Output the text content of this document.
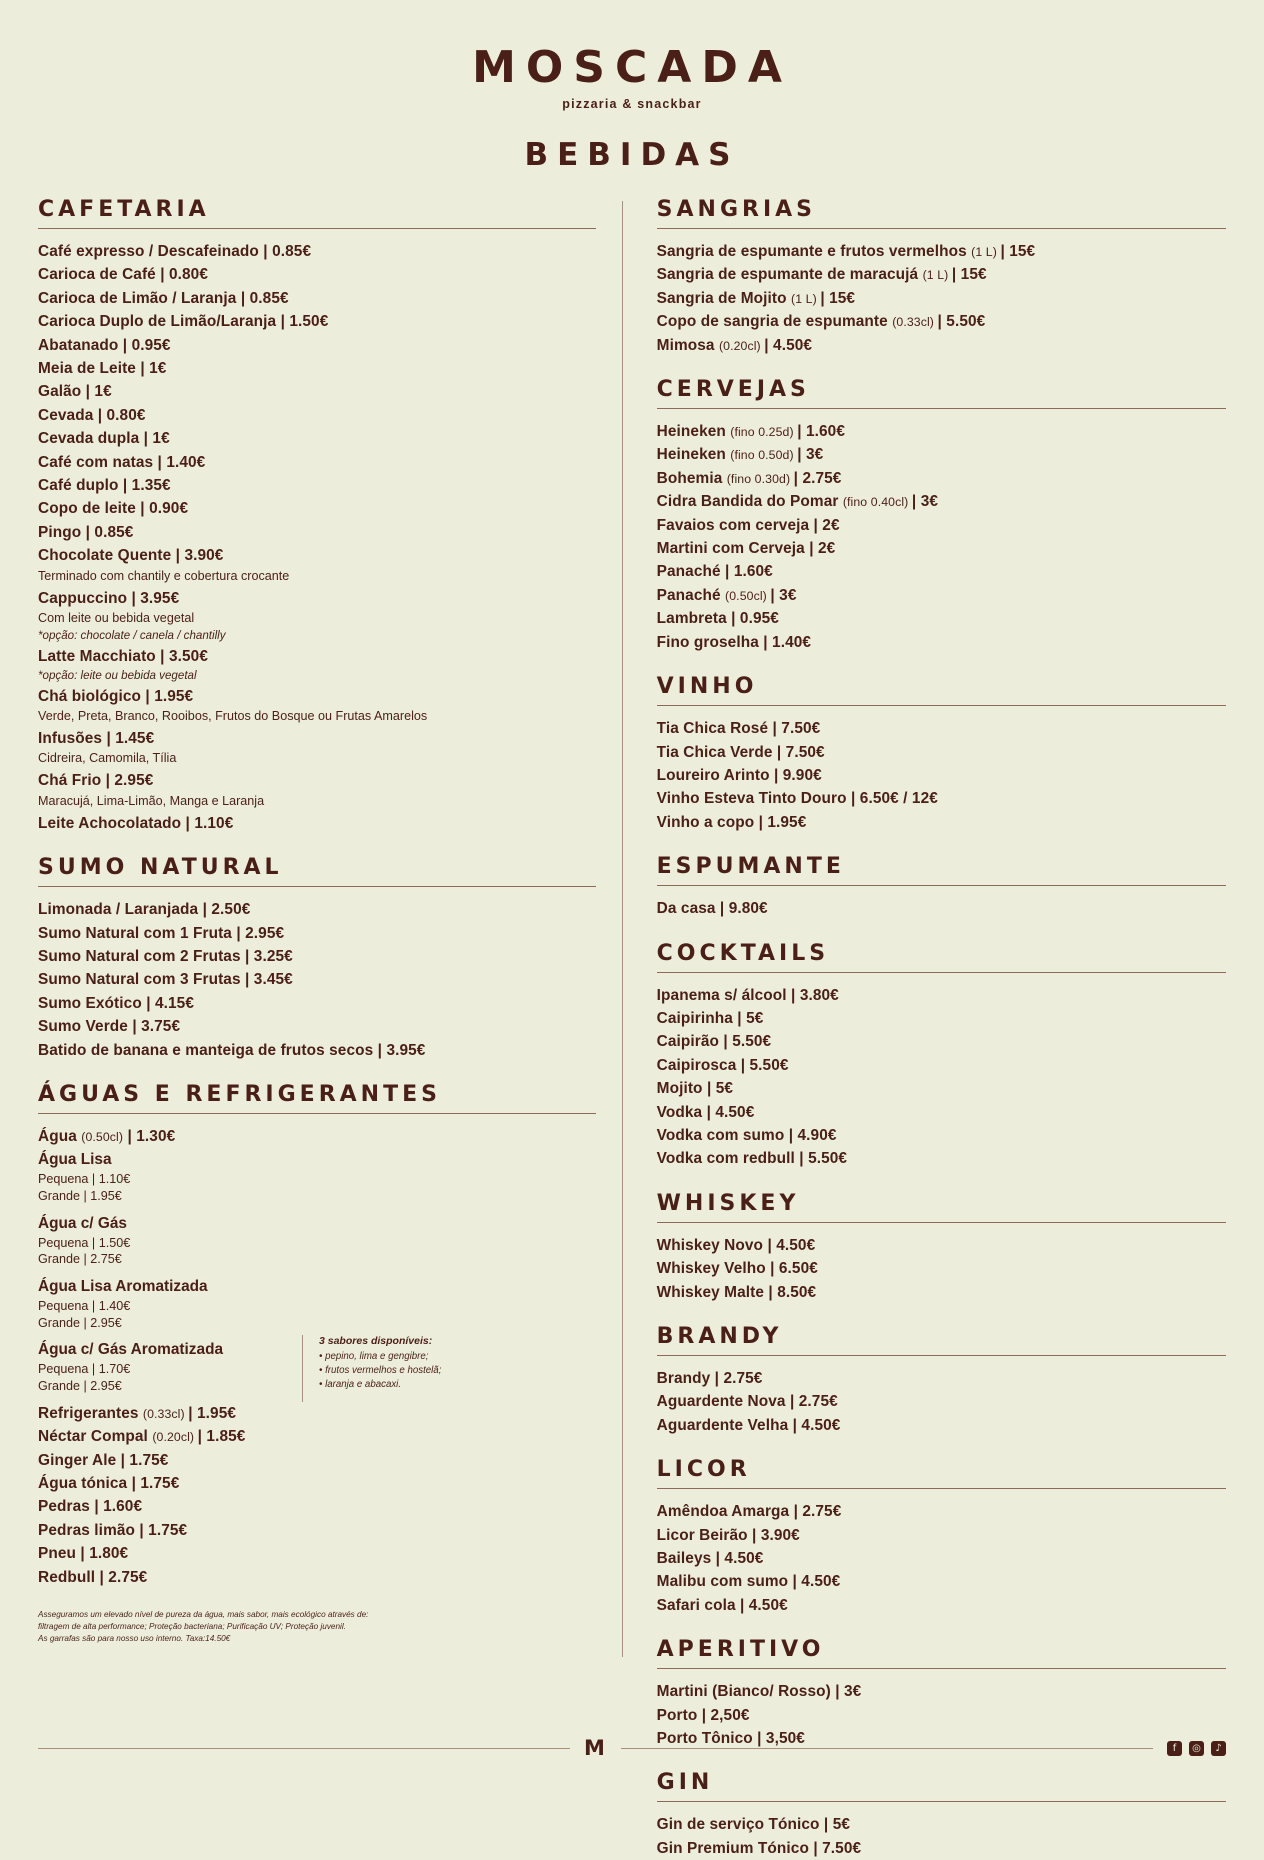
MOSCADA
pizzaria & snackbar
BEBIDAS
CAFETARIA
Café expresso / Descafeinado | 0.85€
Carioca de Café | 0.80€
Carioca de Limão / Laranja | 0.85€
Carioca Duplo de Limão/Laranja | 1.50€
Abatanado | 0.95€
Meia de Leite | 1€
Galão | 1€
Cevada | 0.80€
Cevada dupla | 1€
Café com natas | 1.40€
Café duplo | 1.35€
Copo de leite | 0.90€
Pingo | 0.85€
Chocolate Quente | 3.90€
Terminado com chantily e cobertura crocante
Cappuccino | 3.95€
Com leite ou bebida vegetal
*opção: chocolate / canela / chantilly
Latte Macchiato | 3.50€
*opção: leite ou bebida vegetal
Chá biológico | 1.95€
Verde, Preta, Branco, Rooibos, Frutos do Bosque ou Frutas Amarelos
Infusões | 1.45€
Cidreira, Camomila, Tília
Chá Frio | 2.95€
Maracujá, Lima-Limão, Manga e Laranja
Leite Achocolatado | 1.10€
SUMO NATURAL
Limonada / Laranjada | 2.50€
Sumo Natural com 1 Fruta | 2.95€
Sumo Natural com 2 Frutas | 3.25€
Sumo Natural com 3 Frutas | 3.45€
Sumo Exótico | 4.15€
Sumo Verde | 3.75€
Batido de banana e manteiga de frutos secos | 3.95€
ÁGUAS E REFRIGERANTES
Água (0.50cl) | 1.30€
Água Lisa
Pequena | 1.10€
Grande | 1.95€
Água c/ Gás
Pequena | 1.50€
Grande | 2.75€
Água Lisa Aromatizada
Pequena | 1.40€
Grande | 2.95€
Água c/ Gás Aromatizada
Pequena | 1.70€
Grande | 2.95€
3 sabores disponíveis:
• pepino, lima e gengibre;
• frutos vermelhos e hostelã;
• laranja e abacaxi.
Refrigerantes (0.33cl) | 1.95€
Néctar Compal (0.20cl) | 1.85€
Ginger Ale | 1.75€
Água tónica | 1.75€
Pedras | 1.60€
Pedras limão | 1.75€
Pneu | 1.80€
Redbull | 2.75€
Asseguramos um elevado nível de pureza da água, mais sabor, mais ecológico através de:
filtragem de alta performance; Proteção bacteriana; Purificação UV; Proteção juvenil.
As garrafas são para nosso uso interno. Taxa:14.50€
SANGRIAS
Sangria de espumante e frutos vermelhos (1 L) | 15€
Sangria de espumante de maracujá (1 L) | 15€
Sangria de Mojito (1 L) | 15€
Copo de sangria de espumante (0.33cl) | 5.50€
Mimosa (0.20cl) | 4.50€
CERVEJAS
Heineken (fino 0.25d) | 1.60€
Heineken (fino 0.50d) | 3€
Bohemia (fino 0.30d) | 2.75€
Cidra Bandida do Pomar (fino 0.40cl) | 3€
Favaios com cerveja | 2€
Martini com Cerveja | 2€
Panaché | 1.60€
Panaché (0.50cl) | 3€
Lambreta | 0.95€
Fino groselha | 1.40€
VINHO
Tia Chica Rosé | 7.50€
Tia Chica Verde | 7.50€
Loureiro Arinto | 9.90€
Vinho Esteva Tinto Douro | 6.50€ / 12€
Vinho a copo | 1.95€
ESPUMANTE
Da casa | 9.80€
COCKTAILS
Ipanema s/ álcool | 3.80€
Caipirinha | 5€
Caipirão | 5.50€
Caipirosca | 5.50€
Mojito | 5€
Vodka | 4.50€
Vodka com sumo | 4.90€
Vodka com redbull | 5.50€
WHISKEY
Whiskey Novo | 4.50€
Whiskey Velho | 6.50€
Whiskey Malte | 8.50€
BRANDY
Brandy | 2.75€
Aguardente Nova | 2.75€
Aguardente Velha | 4.50€
LICOR
Amêndoa Amarga | 2.75€
Licor Beirão | 3.90€
Baileys | 4.50€
Malibu com sumo | 4.50€
Safari cola | 4.50€
APERITIVO
Martini (Bianco/ Rosso) | 3€
Porto | 2,50€
Porto Tônico | 3,50€
GIN
Gin de serviço Tónico | 5€
Gin Premium Tónico | 7.50€
M	f	◎	♪
